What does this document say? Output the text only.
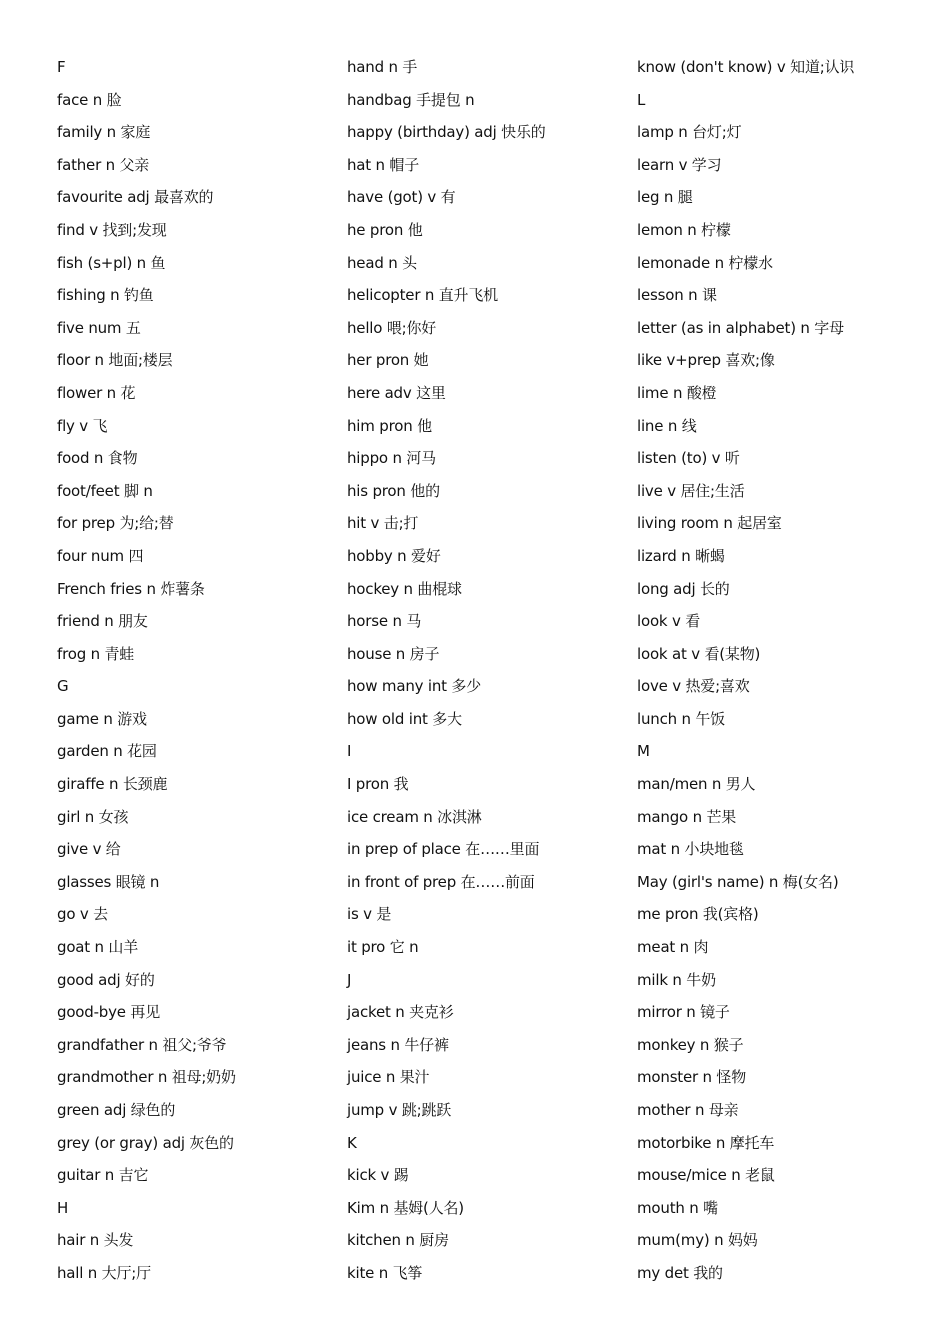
F
face n 脸
family n 家庭
father n 父亲
favourite adj 最喜欢的
find v 找到;发现
fish (s+pl) n 鱼
fishing n 钓鱼
five num 五
floor n 地面;楼层
flower n 花
fly v 飞
food n 食物
foot/feet 脚 n
for prep 为;给;替
four num 四
French fries n 炸薯条
friend n 朋友
frog n 青蛙
G
game n 游戏
garden n 花园
giraffe n 长颈鹿
girl n 女孩
give v 给
glasses 眼镜 n
go v 去
goat n 山羊
good adj 好的
good-bye 再见
grandfather n 祖父;爷爷
grandmother n 祖母;奶奶
green adj 绿色的
grey (or gray) adj 灰色的
guitar n 吉它
H
hair n 头发
hall n 大厅;厅
hand n 手
handbag 手提包 n
happy (birthday) adj 快乐的
hat n 帽子
have (got) v 有
he pron 他
head n 头
helicopter n 直升飞机
hello 喂;你好
her pron 她
here adv 这里
him pron 他
hippo n 河马
his pron 他的
hit v 击;打
hobby n 爱好
hockey n 曲棍球
horse n 马
house n 房子
how many int 多少
how old int 多大
I
I pron 我
ice cream n 冰淇淋
in prep of place 在……里面
in front of prep 在……前面
is v 是
it pro 它 n
J
jacket n 夹克衫
jeans n 牛仔裤
juice n 果汁
jump v 跳;跳跃
K
kick v 踢
Kim n 基姆(人名)
kitchen n 厨房
kite n 飞筝
know (don't know) v 知道;认识
L
lamp n 台灯;灯
learn v 学习
leg n 腿
lemon n 柠檬
lemonade n 柠檬水
lesson n 课
letter (as in alphabet) n 字母
like v+prep 喜欢;像
lime n 酸橙
line n 线
listen (to) v 听
live v 居住;生活
living room n 起居室
lizard n 晰蝎
long adj 长的
look v 看
look at v 看(某物)
love v 热爱;喜欢
lunch n 午饭
M
man/men n 男人
mango n 芒果
mat n 小块地毯
May (girl's name) n 梅(女名)
me pron 我(宾格)
meat n 肉
milk n 牛奶
mirror n 镜子
monkey n 猴子
monster n 怪物
mother n 母亲
motorbike n 摩托车
mouse/mice n 老鼠
mouth n 嘴
mum(my) n 妈妈
my det 我的
